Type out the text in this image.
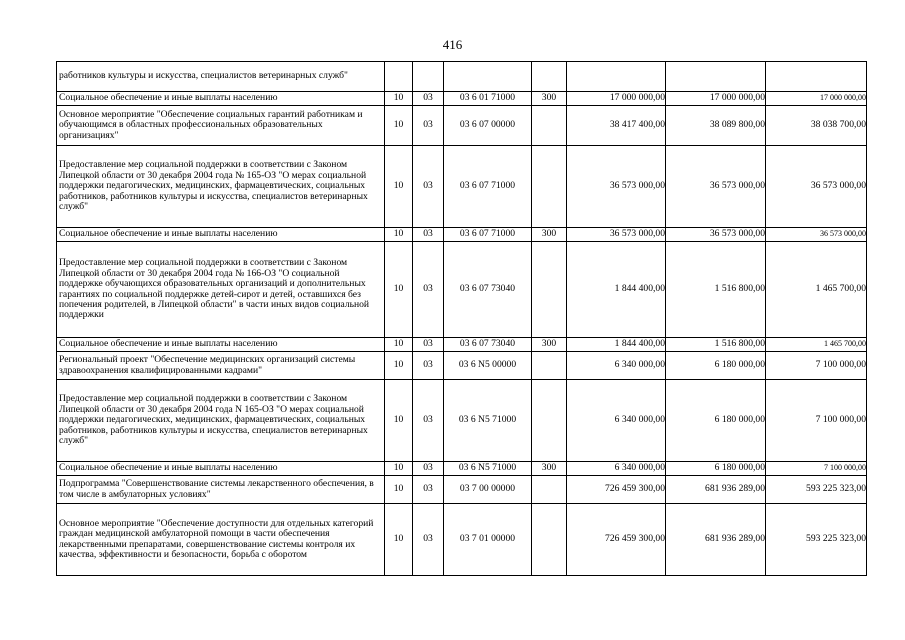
416
работников культуры и искусства, специалистов ветеринарных служб"							
Социальное обеспечение и иные выплаты населению	10	03	03 6 01 71000	300	17 000 000,00	17 000 000,00	17 000 000,00
Основное мероприятие "Обеспечение социальных гарантий работникам и обучающимся в областных профессиональных образовательных организациях"	10	03	03 6 07 00000		38 417 400,00	38 089 800,00	38 038 700,00
Предоставление мер социальной поддержки в соответствии с Законом Липецкой области от 30 декабря 2004 года № 165-ОЗ "О мерах социальной поддержки педагогических, медицинских, фармацевтических, социальных работников, работников культуры и искусства, специалистов ветеринарных служб"	10	03	03 6 07 71000		36 573 000,00	36 573 000,00	36 573 000,00
Социальное обеспечение и иные выплаты населению	10	03	03 6 07 71000	300	36 573 000,00	36 573 000,00	36 573 000,00
Предоставление мер социальной поддержки в соответствии с Законом Липецкой области от 30 декабря 2004 года № 166-ОЗ "О социальной поддержке обучающихся образовательных организаций и дополнительных гарантиях по социальной поддержке детей-сирот и детей, оставшихся без попечения родителей, в Липецкой области" в части иных видов социальной поддержки	10	03	03 6 07 73040		1 844 400,00	1 516 800,00	1 465 700,00
Социальное обеспечение и иные выплаты населению	10	03	03 6 07 73040	300	1 844 400,00	1 516 800,00	1 465 700,00
Региональный проект "Обеспечение медицинских организаций системы здравоохранения квалифицированными кадрами"	10	03	03 6 N5 00000		6 340 000,00	6 180 000,00	7 100 000,00
Предоставление мер социальной поддержки в соответствии с Законом Липецкой области от 30 декабря 2004 года N 165-ОЗ "О мерах социальной поддержки педагогических, медицинских, фармацевтических, социальных работников, работников культуры и искусства, специалистов ветеринарных служб"	10	03	03 6 N5 71000		6 340 000,00	6 180 000,00	7 100 000,00
Социальное обеспечение и иные выплаты населению	10	03	03 6 N5 71000	300	6 340 000,00	6 180 000,00	7 100 000,00
Подпрограмма "Совершенствование системы лекарственного обеспечения, в том числе в амбулаторных условиях"	10	03	03 7 00 00000		726 459 300,00	681 936 289,00	593 225 323,00
Основное мероприятие "Обеспечение доступности для отдельных категорий граждан медицинской амбулаторной помощи в части обеспечения лекарственными препаратами, совершенствование системы контроля их качества, эффективности и безопасности, борьба с оборотом	10	03	03 7 01 00000		726 459 300,00	681 936 289,00	593 225 323,00
